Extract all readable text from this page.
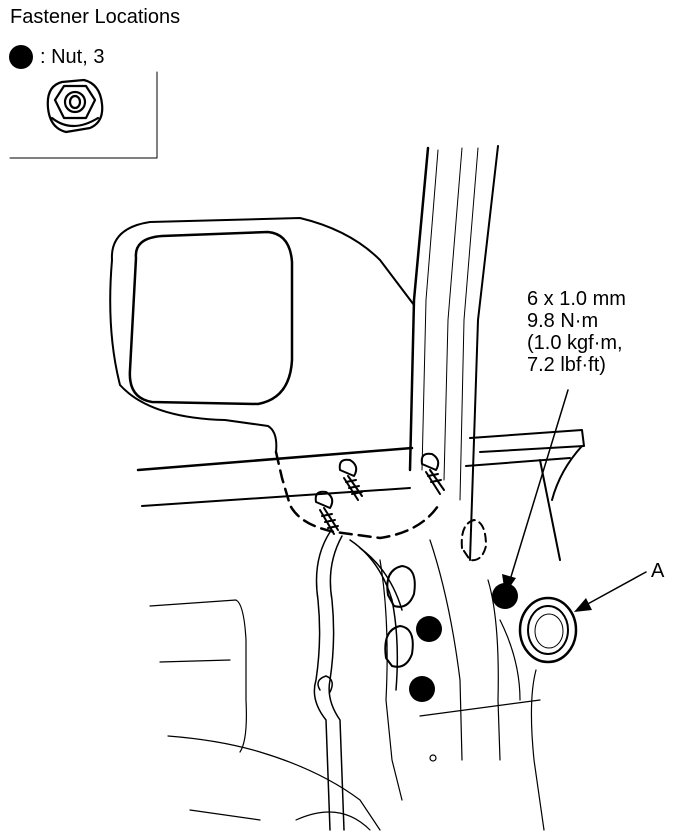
Fastener Locations
: Nut, 3
6 x 1.0 mm
9.8 N·m
(1.0 kgf·m,
7.2 lbf·ft)
A
